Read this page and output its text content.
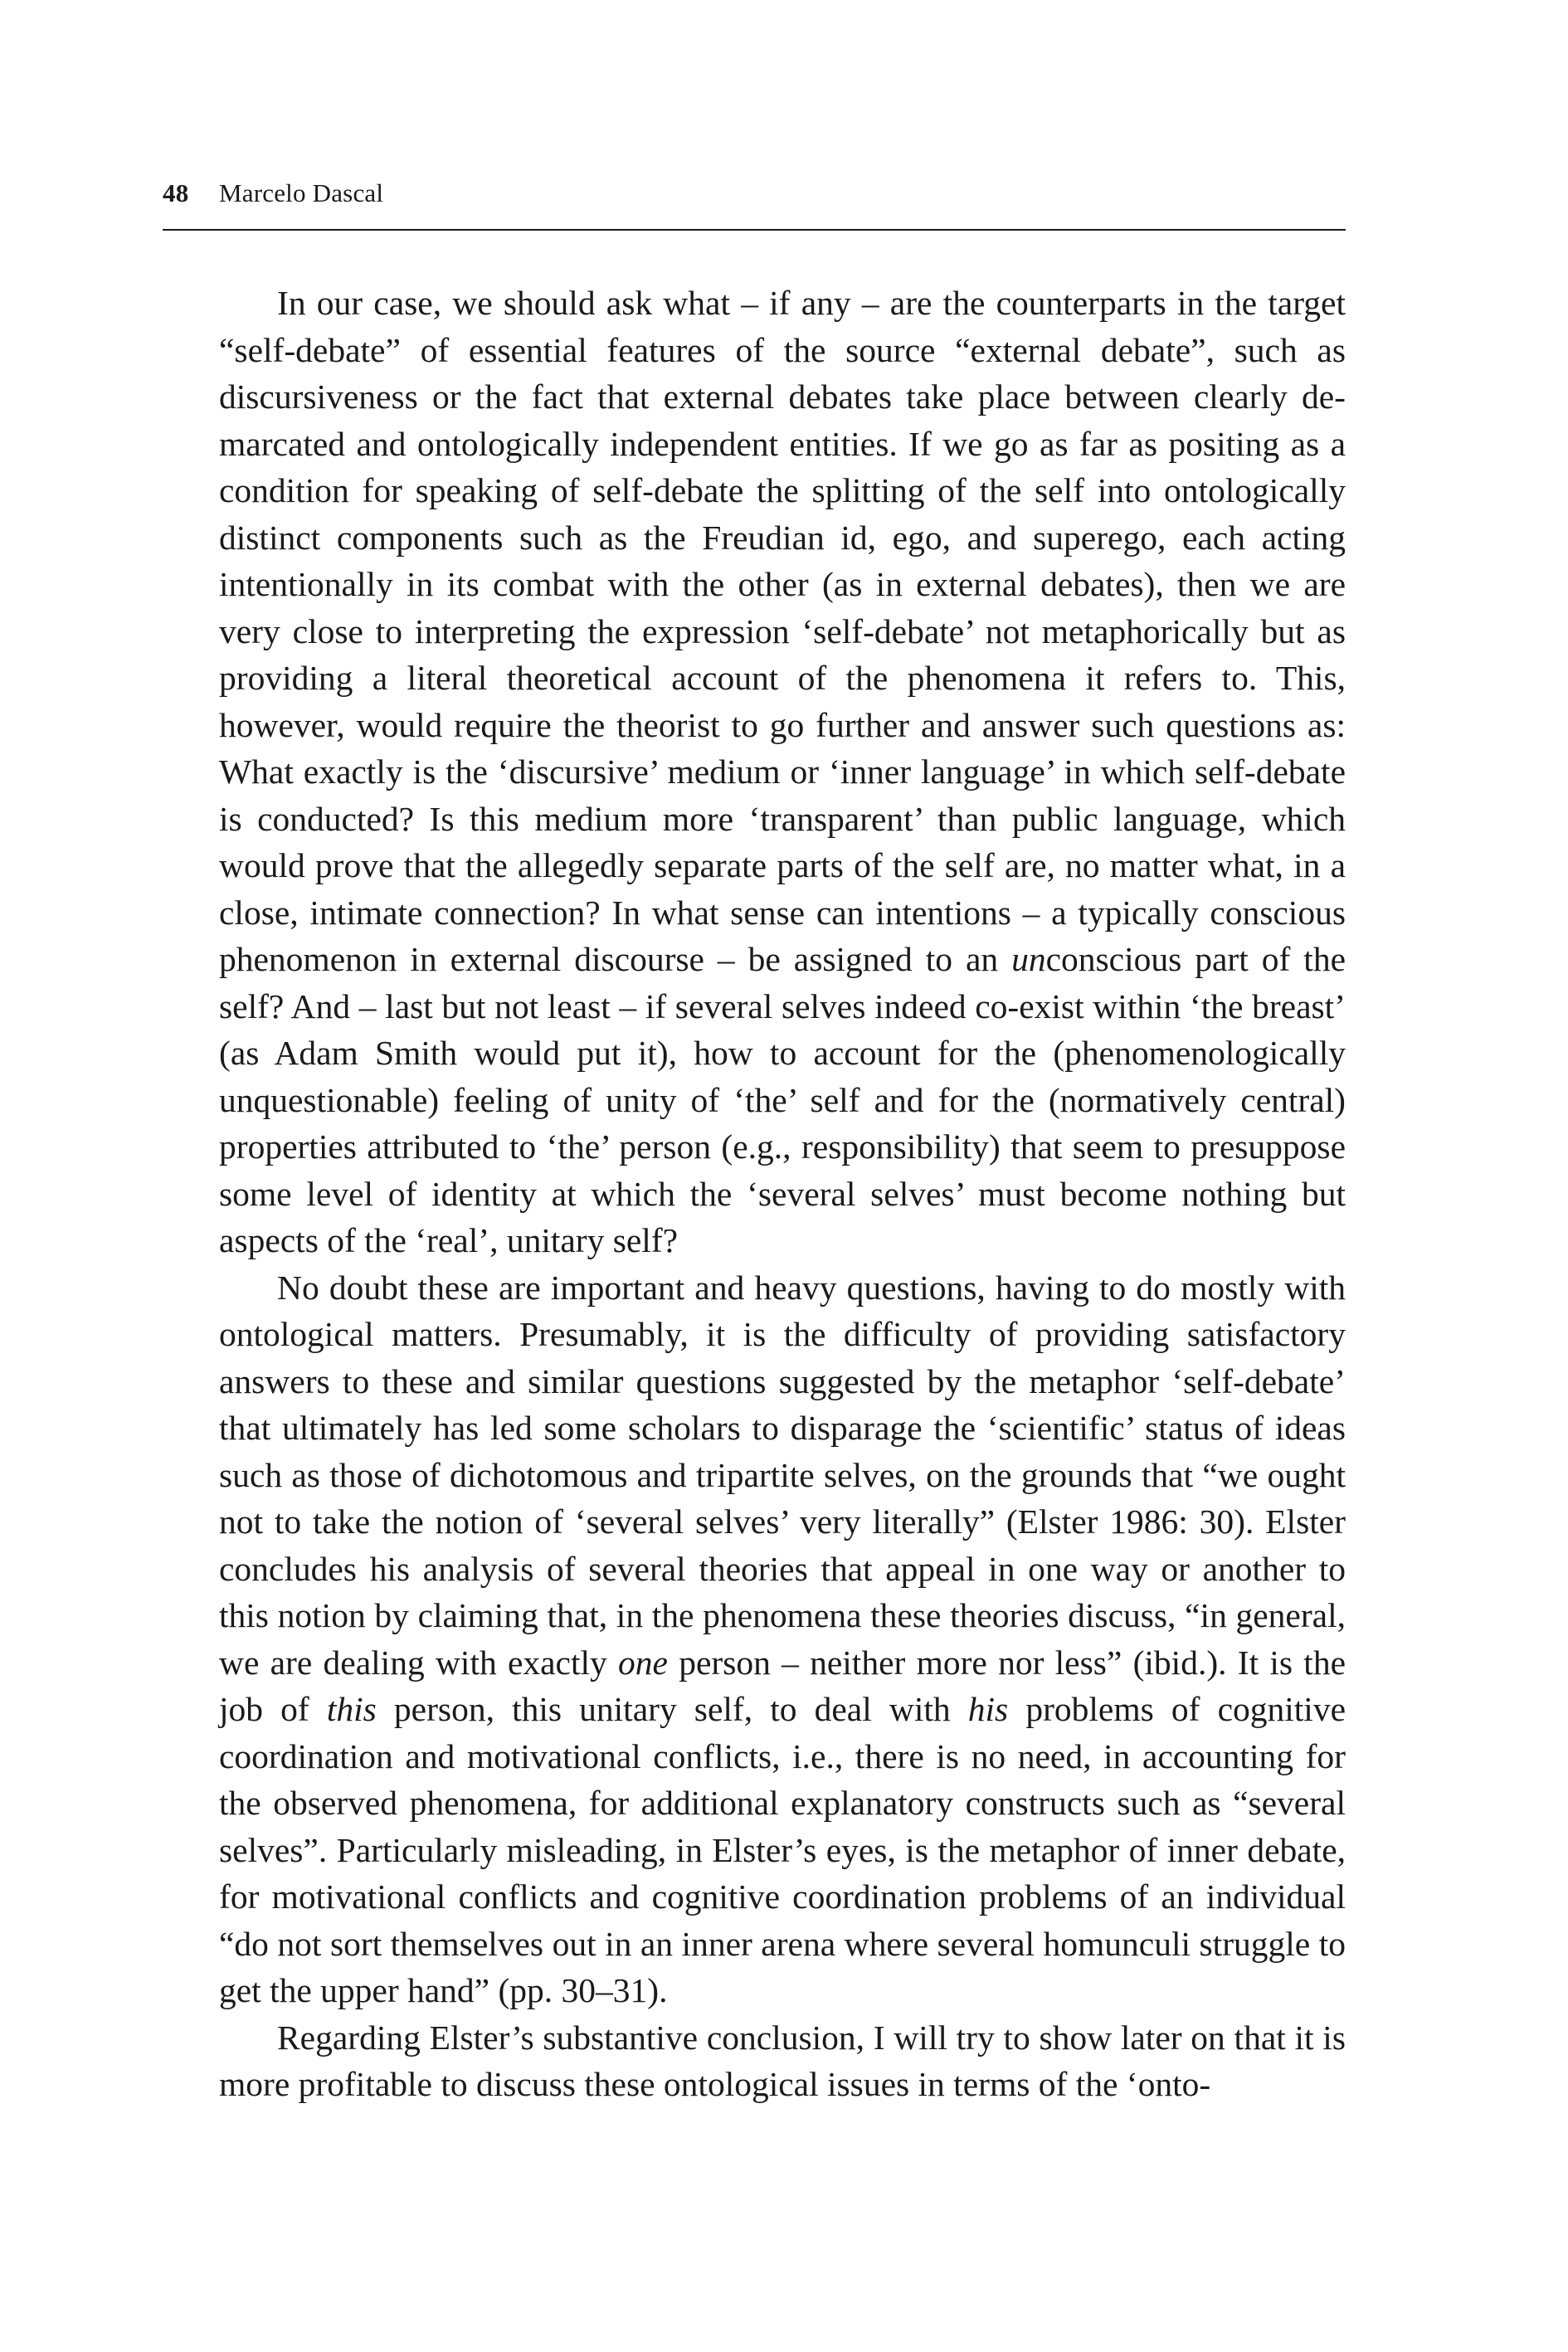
48 Marcelo Dascal

In our case, we should ask what – if any – are the counterparts in the target “self-debate” of essential features of the source “external debate”, such as discursiveness or the fact that external debates take place between clearly demarcated and ontologically independent entities. If we go as far as positing as a condition for speaking of self-debate the splitting of the self into ontologically distinct components such as the Freudian id, ego, and superego, each acting intentionally in its combat with the other (as in external debates), then we are very close to interpreting the expression ‘self-debate’ not metaphorically but as providing a literal theoretical account of the phenomena it refers to. This, however, would require the theorist to go further and answer such questions as: What exactly is the ‘discursive’ medium or ‘inner language’ in which self-debate is conducted? Is this medium more ‘transparent’ than public language, which would prove that the allegedly separate parts of the self are, no matter what, in a close, intimate connection? In what sense can intentions – a typically conscious phenomenon in external discourse – be assigned to an unconscious part of the self? And – last but not least – if several selves indeed co-exist within ‘the breast’ (as Adam Smith would put it), how to account for the (phenomenologically unquestionable) feeling of unity of ‘the’ self and for the (normatively central) properties attributed to ‘the’ person (e.g., responsibility) that seem to presuppose some level of identity at which the ‘several selves’ must become nothing but aspects of the ‘real’, unitary self?

No doubt these are important and heavy questions, having to do mostly with ontological matters. Presumably, it is the difficulty of providing satisfactory answers to these and similar questions suggested by the metaphor ‘self-debate’ that ultimately has led some scholars to disparage the ‘scientific’ status of ideas such as those of dichotomous and tripartite selves, on the grounds that “we ought not to take the notion of ‘several selves’ very literally” (Elster 1986: 30). Elster concludes his analysis of several theories that appeal in one way or another to this notion by claiming that, in the phenomena these theories discuss, “in general, we are dealing with exactly one person – neither more nor less” (ibid.). It is the job of this person, this unitary self, to deal with his problems of cognitive coordination and motivational conflicts, i.e., there is no need, in accounting for the observed phenomena, for additional explanatory constructs such as “several selves”. Particularly misleading, in Elster’s eyes, is the metaphor of inner debate, for motivational conflicts and cognitive coordination problems of an individual “do not sort themselves out in an inner arena where several homunculi struggle to get the upper hand” (pp. 30–31).

Regarding Elster’s substantive conclusion, I will try to show later on that it is more profitable to discuss these ontological issues in terms of the ‘onto-
